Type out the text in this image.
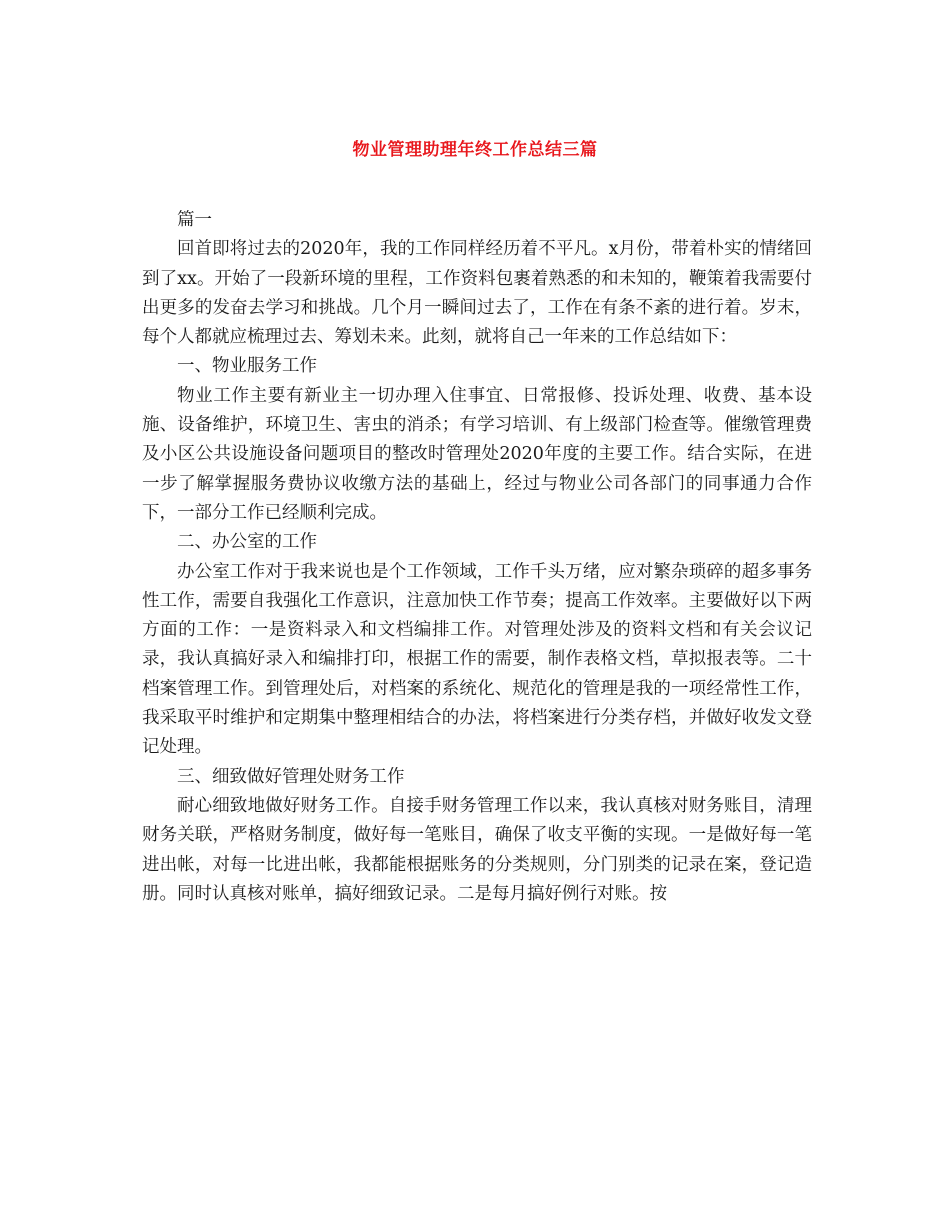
物业管理助理年终工作总结三篇

篇一

回首即将过去的2020年，我的工作同样经历着不平凡。x月份，带着朴实的情绪回到了xx。开始了一段新环境的里程，工作资料包裹着熟悉的和未知的，鞭策着我需要付出更多的发奋去学习和挑战。几个月一瞬间过去了，工作在有条不紊的进行着。岁末，每个人都就应梳理过去、筹划未来。此刻，就将自己一年来的工作总结如下：

一、物业服务工作

物业工作主要有新业主一切办理入住事宜、日常报修、投诉处理、收费、基本设施、设备维护，环境卫生、害虫的消杀；有学习培训、有上级部门检查等。催缴管理费及小区公共设施设备问题项目的整改时管理处2020年度的主要工作。结合实际，在进一步了解掌握服务费协议收缴方法的基础上，经过与物业公司各部门的同事通力合作下，一部分工作已经顺利完成。

二、办公室的工作

办公室工作对于我来说也是个工作领域，工作千头万绪，应对繁杂琐碎的超多事务性工作，需要自我强化工作意识，注意加快工作节奏；提高工作效率。主要做好以下两方面的工作：一是资料录入和文档编排工作。对管理处涉及的资料文档和有关会议记录，我认真搞好录入和编排打印，根据工作的需要，制作表格文档，草拟报表等。二十档案管理工作。到管理处后，对档案的系统化、规范化的管理是我的一项经常性工作，我采取平时维护和定期集中整理相结合的办法，将档案进行分类存档，并做好收发文登记处理。

三、细致做好管理处财务工作

耐心细致地做好财务工作。自接手财务管理工作以来，我认真核对财务账目，清理财务关联，严格财务制度，做好每一笔账目，确保了收支平衡的实现。一是做好每一笔进出帐，对每一比进出帐，我都能根据账务的分类规则，分门别类的记录在案，登记造册。同时认真核对账单，搞好细致记录。二是每月搞好例行对账。按
